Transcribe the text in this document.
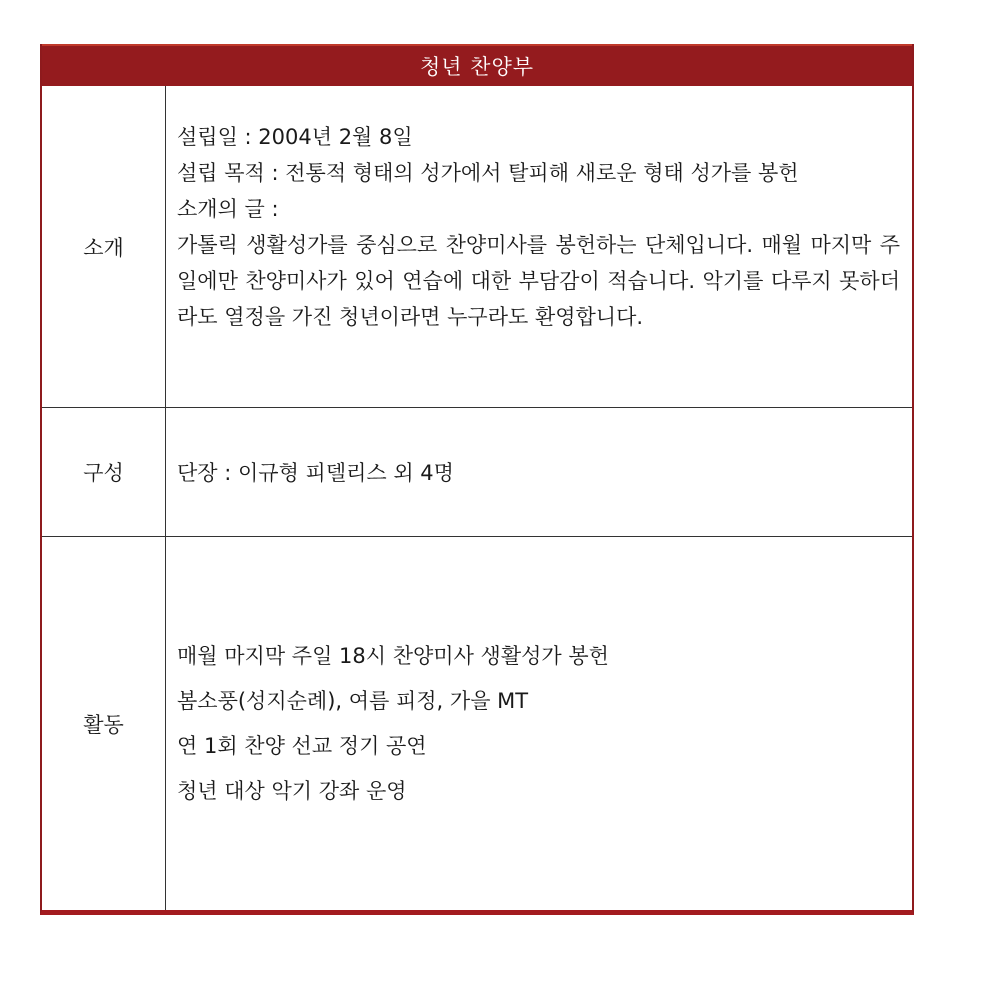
청년 찬양부
소개
설립일 : 2004년 2월 8일
설립 목적 : 전통적 형태의 성가에서 탈피해 새로운 형태 성가를 봉헌
소개의 글 :
가톨릭 생활성가를 중심으로 찬양미사를 봉헌하는 단체입니다. 매월 마지막 주일에만 찬양미사가 있어 연습에 대한 부담감이 적습니다. 악기를 다루지 못하더라도 열정을 가진 청년이라면 누구라도 환영합니다.
구성	단장 : 이규형 피델리스 외 4명
활동
매월 마지막 주일 18시 찬양미사 생활성가 봉헌
봄소풍(성지순례), 여름 피정, 가을 MT
연 1회 찬양 선교 정기 공연
청년 대상 악기 강좌 운영
